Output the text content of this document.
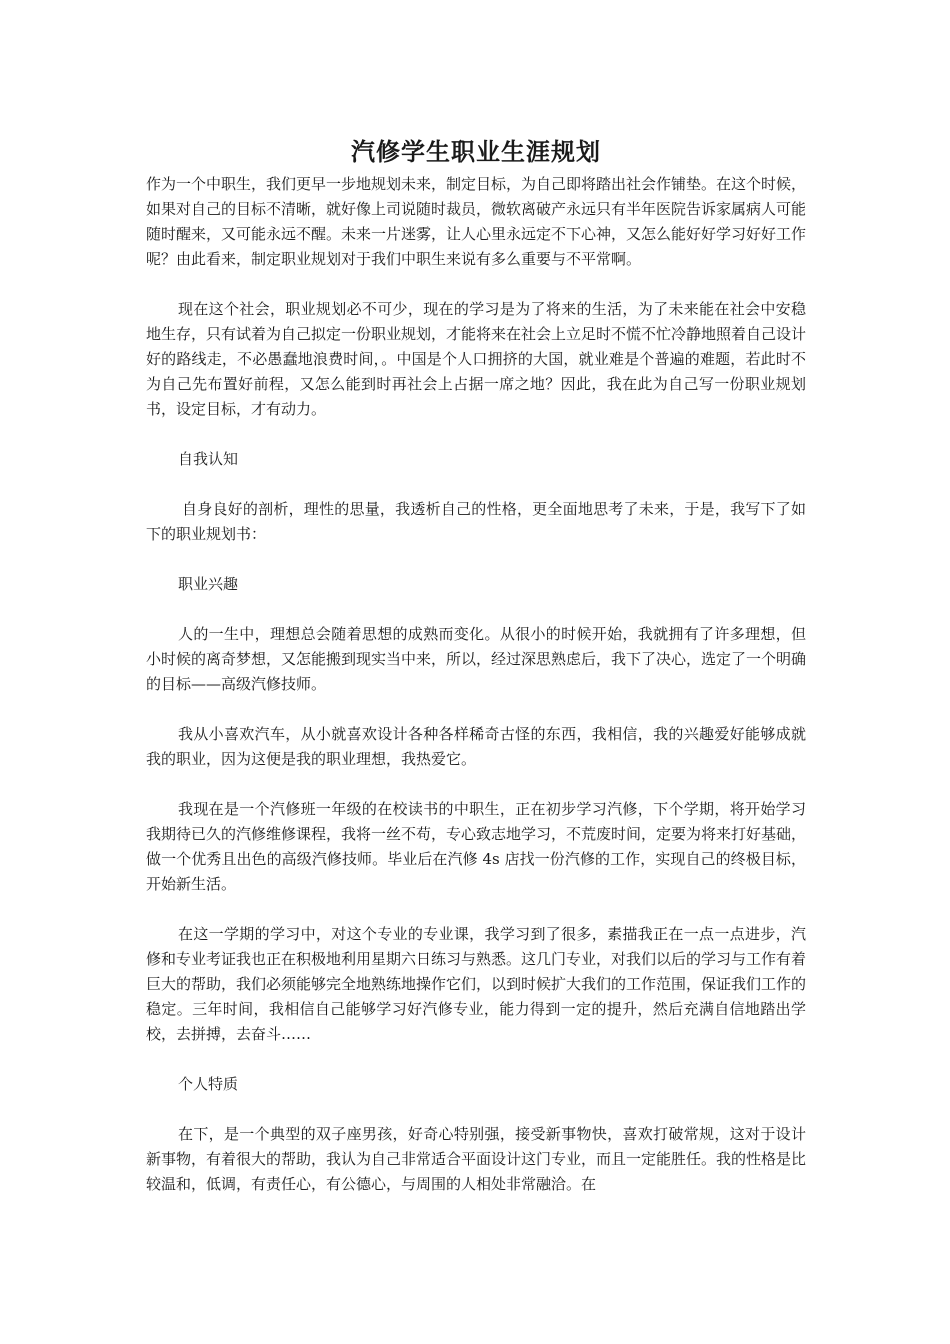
汽修学生职业生涯规划

作为一个中职生，我们更早一步地规划未来，制定目标，为自己即将踏出社会作铺垫。在这个时候，如果对自己的目标不清晰，就好像上司说随时裁员，微软离破产永远只有半年医院告诉家属病人可能随时醒来，又可能永远不醒。未来一片迷雾，让人心里永远定不下心神，又怎么能好好学习好好工作呢？由此看来，制定职业规划对于我们中职生来说有多么重要与不平常啊。

现在这个社会，职业规划必不可少，现在的学习是为了将来的生活，为了未来能在社会中安稳地生存，只有试着为自己拟定一份职业规划，才能将来在社会上立足时不慌不忙冷静地照着自己设计好的路线走，不必愚蠢地浪费时间，。中国是个人口拥挤的大国，就业难是个普遍的难题，若此时不为自己先布置好前程，又怎么能到时再社会上占据一席之地？因此，我在此为自己写一份职业规划书，设定目标，才有动力。

自我认知

自身良好的剖析，理性的思量，我透析自己的性格，更全面地思考了未来，于是，我写下了如下的职业规划书：

职业兴趣

人的一生中，理想总会随着思想的成熟而变化。从很小的时候开始，我就拥有了许多理想，但小时候的离奇梦想，又怎能搬到现实当中来，所以，经过深思熟虑后，我下了决心，选定了一个明确的目标——高级汽修技师。

我从小喜欢汽车，从小就喜欢设计各种各样稀奇古怪的东西，我相信，我的兴趣爱好能够成就我的职业，因为这便是我的职业理想，我热爱它。

我现在是一个汽修班一年级的在校读书的中职生，正在初步学习汽修，下个学期，将开始学习我期待已久的汽修维修课程，我将一丝不苟，专心致志地学习，不荒废时间，定要为将来打好基础，做一个优秀且出色的高级汽修技师。毕业后在汽修 4s 店找一份汽修的工作，实现自己的终极目标，开始新生活。

在这一学期的学习中，对这个专业的专业课，我学习到了很多，素描我正在一点一点进步，汽修和专业考证我也正在积极地利用星期六日练习与熟悉。这几门专业，对我们以后的学习与工作有着巨大的帮助，我们必须能够完全地熟练地操作它们，以到时候扩大我们的工作范围，保证我们工作的稳定。三年时间，我相信自己能够学习好汽修专业，能力得到一定的提升，然后充满自信地踏出学校，去拼搏，去奋斗……

个人特质

在下，是一个典型的双子座男孩，好奇心特别强，接受新事物快，喜欢打破常规，这对于设计新事物，有着很大的帮助，我认为自己非常适合平面设计这门专业，而且一定能胜任。我的性格是比较温和，低调，有责任心，有公德心，与周围的人相处非常融洽。在
